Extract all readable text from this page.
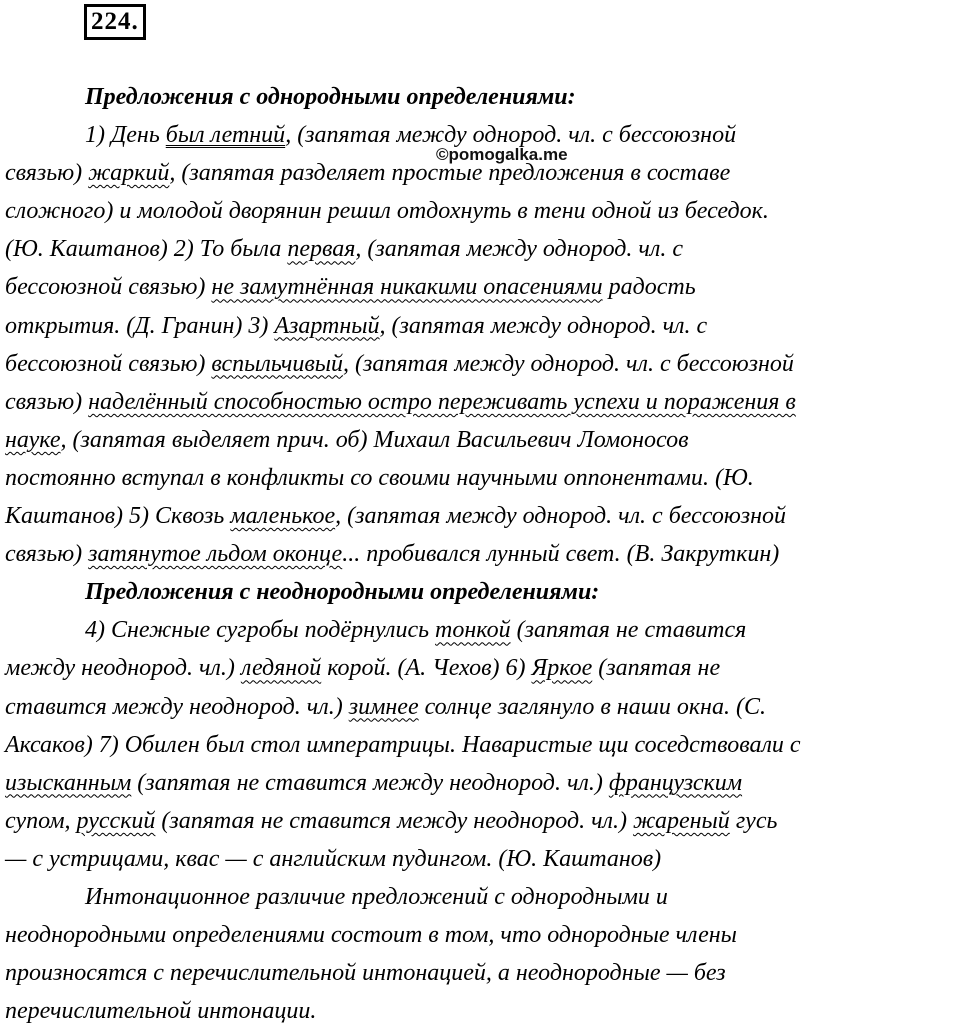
224.
©pomogalka.me
Предложения с однородными определениями:
1) День был летний, (запятая между однород. чл. с бессоюзной
связью) жаркий, (запятая разделяет простые предложения в составе
сложного) и молодой дворянин решил отдохнуть в тени одной из беседок.
(Ю. Каштанов) 2) То была первая, (запятая между однород. чл. с
бессоюзной связью) не замутнённая никакими опасениями радость
открытия. (Д. Гранин) 3) Азартный, (запятая между однород. чл. с
бессоюзной связью) вспыльчивый, (запятая между однород. чл. с бессоюзной
связью) наделённый способностью остро переживать успехи и поражения в
науке, (запятая выделяет прич. об) Михаил Васильевич Ломоносов
постоянно вступал в конфликты со своими научными оппонентами. (Ю.
Каштанов) 5) Сквозь маленькое, (запятая между однород. чл. с бессоюзной
связью) затянутое льдом оконце... пробивался лунный свет. (В. Закруткин)
Предложения с неоднородными определениями:
4) Снежные сугробы подёрнулись тонкой (запятая не ставится
между неоднород. чл.) ледяной корой. (А. Чехов) 6) Яркое (запятая не
ставится между неоднород. чл.) зимнее солнце заглянуло в наши окна. (С.
Аксаков) 7) Обилен был стол императрицы. Наваристые щи соседствовали с
изысканным (запятая не ставится между неоднород. чл.) французским
супом, русский (запятая не ставится между неоднород. чл.) жареный гусь
— с устрицами, квас — с английским пудингом. (Ю. Каштанов)
Интонационное различие предложений с однородными и
неоднородными определениями состоит в том, что однородные члены
произносятся с перечислительной интонацией, а неоднородные — без
перечислительной интонации.
